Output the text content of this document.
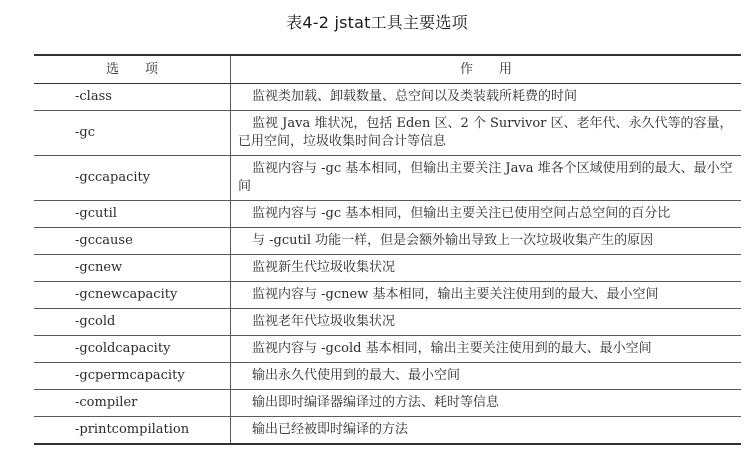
表4-2 jstat工具主要选项
选　　项	作　　用
-class	监视类加载、卸载数量、总空间以及类装载所耗费的时间
-gc	监视 Java 堆状况，包括 Eden 区、2 个 Survivor 区、老年代、永久代等的容量，已用空间，垃圾收集时间合计等信息
-gccapacity	监视内容与 -gc 基本相同，但输出主要关注 Java 堆各个区域使用到的最大、最小空间
-gcutil	监视内容与 -gc 基本相同，但输出主要关注已使用空间占总空间的百分比
-gccause	与 -gcutil 功能一样，但是会额外输出导致上一次垃圾收集产生的原因
-gcnew	监视新生代垃圾收集状况
-gcnewcapacity	监视内容与 -gcnew 基本相同，输出主要关注使用到的最大、最小空间
-gcold	监视老年代垃圾收集状况
-gcoldcapacity	监视内容与 -gcold 基本相同，输出主要关注使用到的最大、最小空间
-gcpermcapacity	输出永久代使用到的最大、最小空间
-compiler	输出即时编译器编译过的方法、耗时等信息
-printcompilation	输出已经被即时编译的方法
